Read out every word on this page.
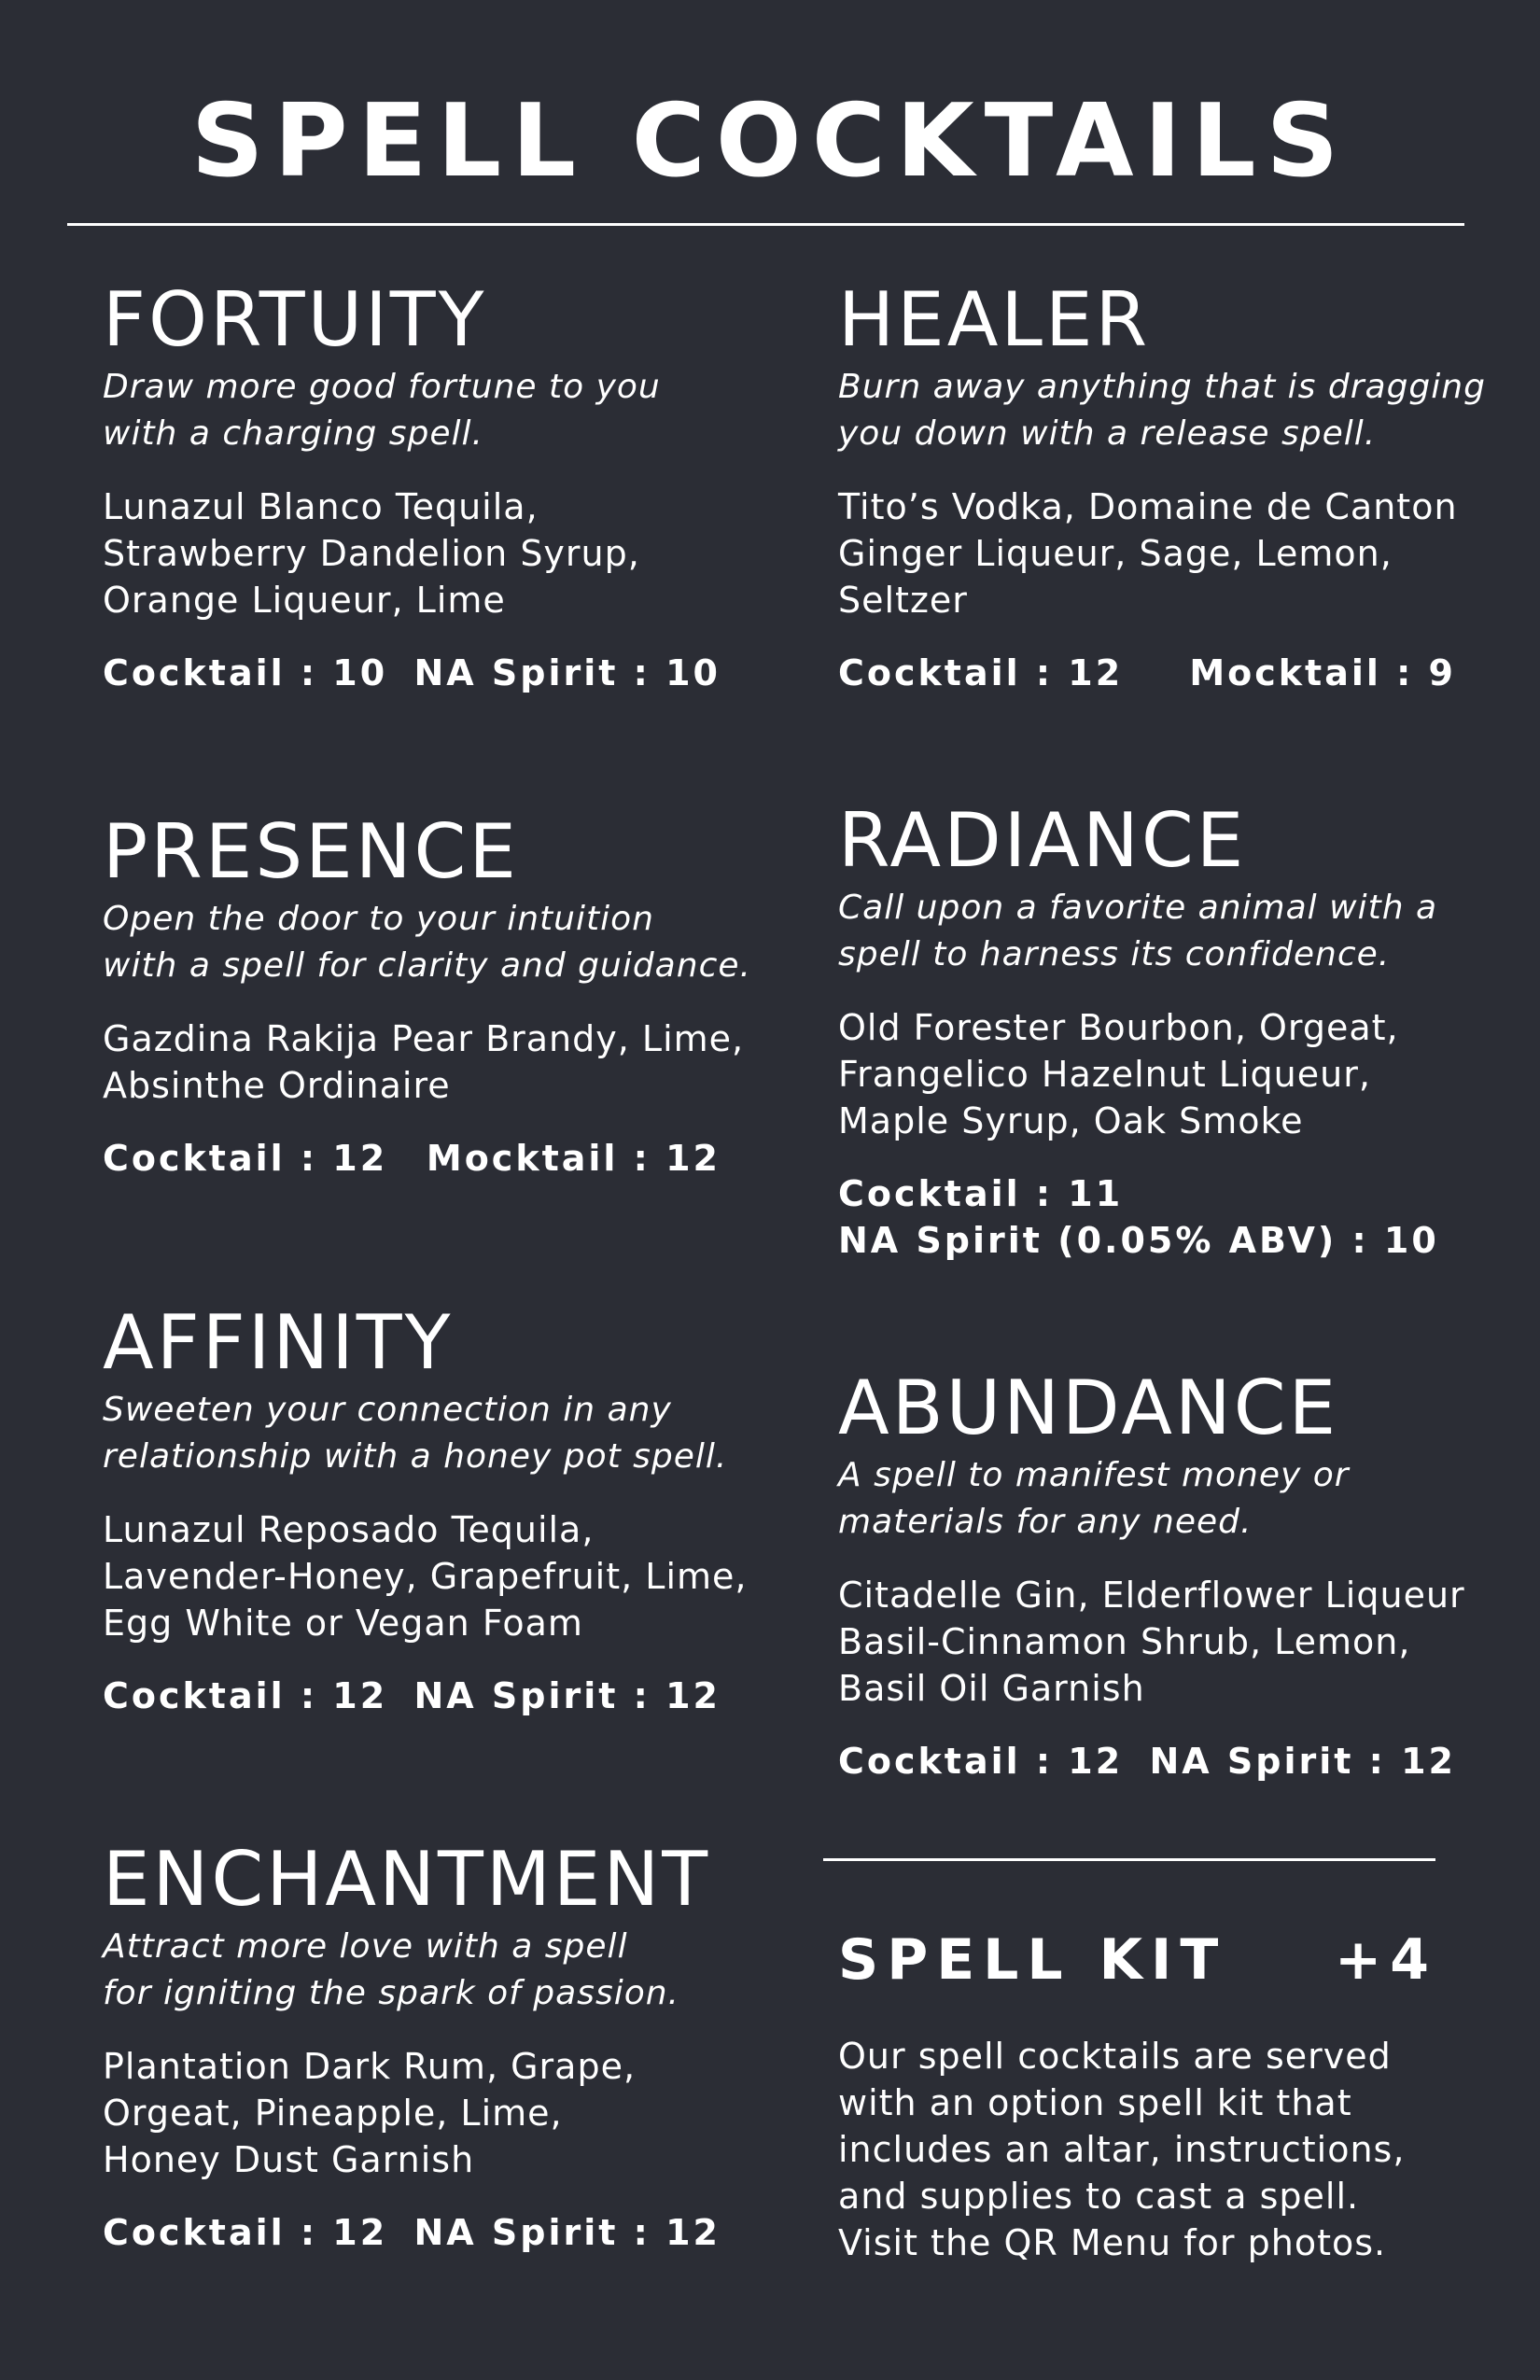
SPELL COCKTAILS
FORTUITY

Draw more good fortune to you
with a charging spell.

Lunazul Blanco Tequila,
Strawberry Dandelion Syrup,
Orange Liqueur, Lime

Cocktail : 10 NA Spirit : 10
PRESENCE

Open the door to your intuition
with a spell for clarity and guidance.

Gazdina Rakija Pear Brandy, Lime,
Absinthe Ordinaire

Cocktail : 12 Mocktail : 12
AFFINITY

Sweeten your connection in any
relationship with a honey pot spell.

Lunazul Reposado Tequila,
Lavender-Honey, Grapefruit, Lime,
Egg White or Vegan Foam

Cocktail : 12 NA Spirit : 12
ENCHANTMENT

Attract more love with a spell
for igniting the spark of passion.

Plantation Dark Rum, Grape,
Orgeat, Pineapple, Lime,
Honey Dust Garnish

Cocktail : 12 NA Spirit : 12
HEALER

Burn away anything that is dragging
you down with a release spell.

Tito’s Vodka, Domaine de Canton
Ginger Liqueur, Sage, Lemon,
Seltzer

Cocktail : 12 Mocktail : 9
RADIANCE

Call upon a favorite animal with a
spell to harness its confidence.

Old Forester Bourbon, Orgeat,
Frangelico Hazelnut Liqueur,
Maple Syrup, Oak Smoke

Cocktail : 11
NA Spirit (0.05% ABV) : 10
ABUNDANCE

A spell to manifest money or
materials for any need.

Citadelle Gin, Elderflower Liqueur
Basil-Cinnamon Shrub, Lemon,
Basil Oil Garnish

Cocktail : 12 NA Spirit : 12
SPELL KIT +4

Our spell cocktails are served
with an option spell kit that
includes an altar, instructions,
and supplies to cast a spell.
Visit the QR Menu for photos.
